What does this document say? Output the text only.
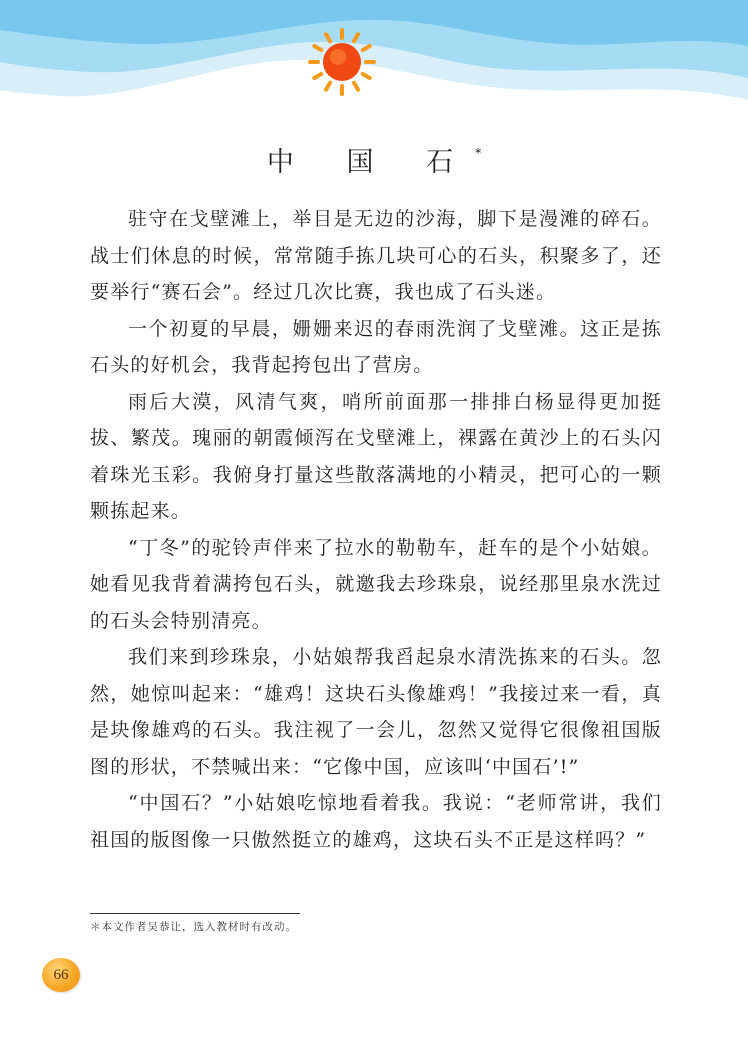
中 国 石*

驻守在戈壁滩上，举目是无边的沙海，脚下是漫滩的碎石。战士们休息的时候，常常随手拣几块可心的石头，积聚多了，还要举行“赛石会”。经过几次比赛，我也成了石头迷。

一个初夏的早晨，姗姗来迟的春雨洗润了戈壁滩。这正是拣石头的好机会，我背起挎包出了营房。

雨后大漠，风清气爽，哨所前面那一排排白杨显得更加挺拔、繁茂。瑰丽的朝霞倾泻在戈壁滩上，裸露在黄沙上的石头闪着珠光玉彩。我俯身打量这些散落满地的小精灵，把可心的一颗颗拣起来。

“丁冬”的驼铃声伴来了拉水的勒勒车，赶车的是个小姑娘。她看见我背着满挎包石头，就邀我去珍珠泉，说经那里泉水洗过的石头会特别清亮。

我们来到珍珠泉，小姑娘帮我舀起泉水清洗拣来的石头。忽然，她惊叫起来：“雄鸡！这块石头像雄鸡！”我接过来一看，真是块像雄鸡的石头。我注视了一会儿，忽然又觉得它很像祖国版图的形状，不禁喊出来：“它像中国，应该叫‘中国石’!”

“中国石？”小姑娘吃惊地看着我。我说：“老师常讲，我们祖国的版图像一只傲然挺立的雄鸡，这块石头不正是这样吗？”

＊本文作者吴恭让，选入教材时有改动。
66
